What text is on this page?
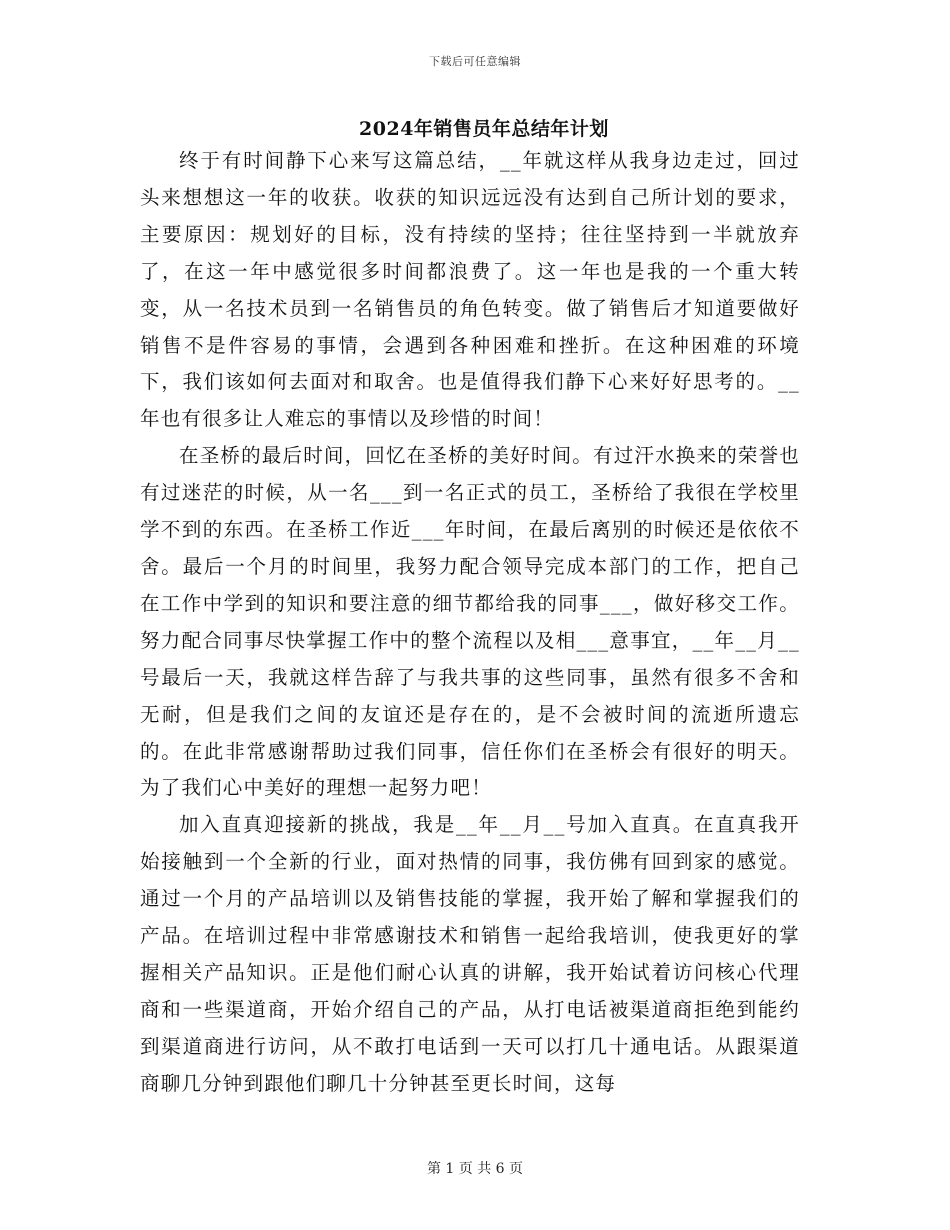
下载后可任意编辑
2024年销售员年总结年计划

终于有时间静下心来写这篇总结，__年就这样从我身边走过，回过头来想想这一年的收获。收获的知识远远没有达到自己所计划的要求，主要原因：规划好的目标，没有持续的坚持；往往坚持到一半就放弃了，在这一年中感觉很多时间都浪费了。这一年也是我的一个重大转变，从一名技术员到一名销售员的角色转变。做了销售后才知道要做好销售不是件容易的事情，会遇到各种困难和挫折。在这种困难的环境下，我们该如何去面对和取舍。也是值得我们静下心来好好思考的。__年也有很多让人难忘的事情以及珍惜的时间！

在圣桥的最后时间，回忆在圣桥的美好时间。有过汗水换来的荣誉也有过迷茫的时候，从一名___到一名正式的员工，圣桥给了我很在学校里学不到的东西。在圣桥工作近___年时间，在最后离别的时候还是依依不舍。最后一个月的时间里，我努力配合领导完成本部门的工作，把自己在工作中学到的知识和要注意的细节都给我的同事___，做好移交工作。努力配合同事尽快掌握工作中的整个流程以及相___意事宜，__年__月__号最后一天，我就这样告辞了与我共事的这些同事，虽然有很多不舍和无耐，但是我们之间的友谊还是存在的，是不会被时间的流逝所遗忘的。在此非常感谢帮助过我们同事，信任你们在圣桥会有很好的明天。为了我们心中美好的理想一起努力吧！

加入直真迎接新的挑战，我是__年__月__号加入直真。在直真我开始接触到一个全新的行业，面对热情的同事，我仿佛有回到家的感觉。通过一个月的产品培训以及销售技能的掌握，我开始了解和掌握我们的产品。在培训过程中非常感谢技术和销售一起给我培训，使我更好的掌握相关产品知识。正是他们耐心认真的讲解，我开始试着访问核心代理商和一些渠道商，开始介绍自己的产品，从打电话被渠道商拒绝到能约到渠道商进行访问，从不敢打电话到一天可以打几十通电话。从跟渠道商聊几分钟到跟他们聊几十分钟甚至更长时间，这每

第 1 页 共 6 页
